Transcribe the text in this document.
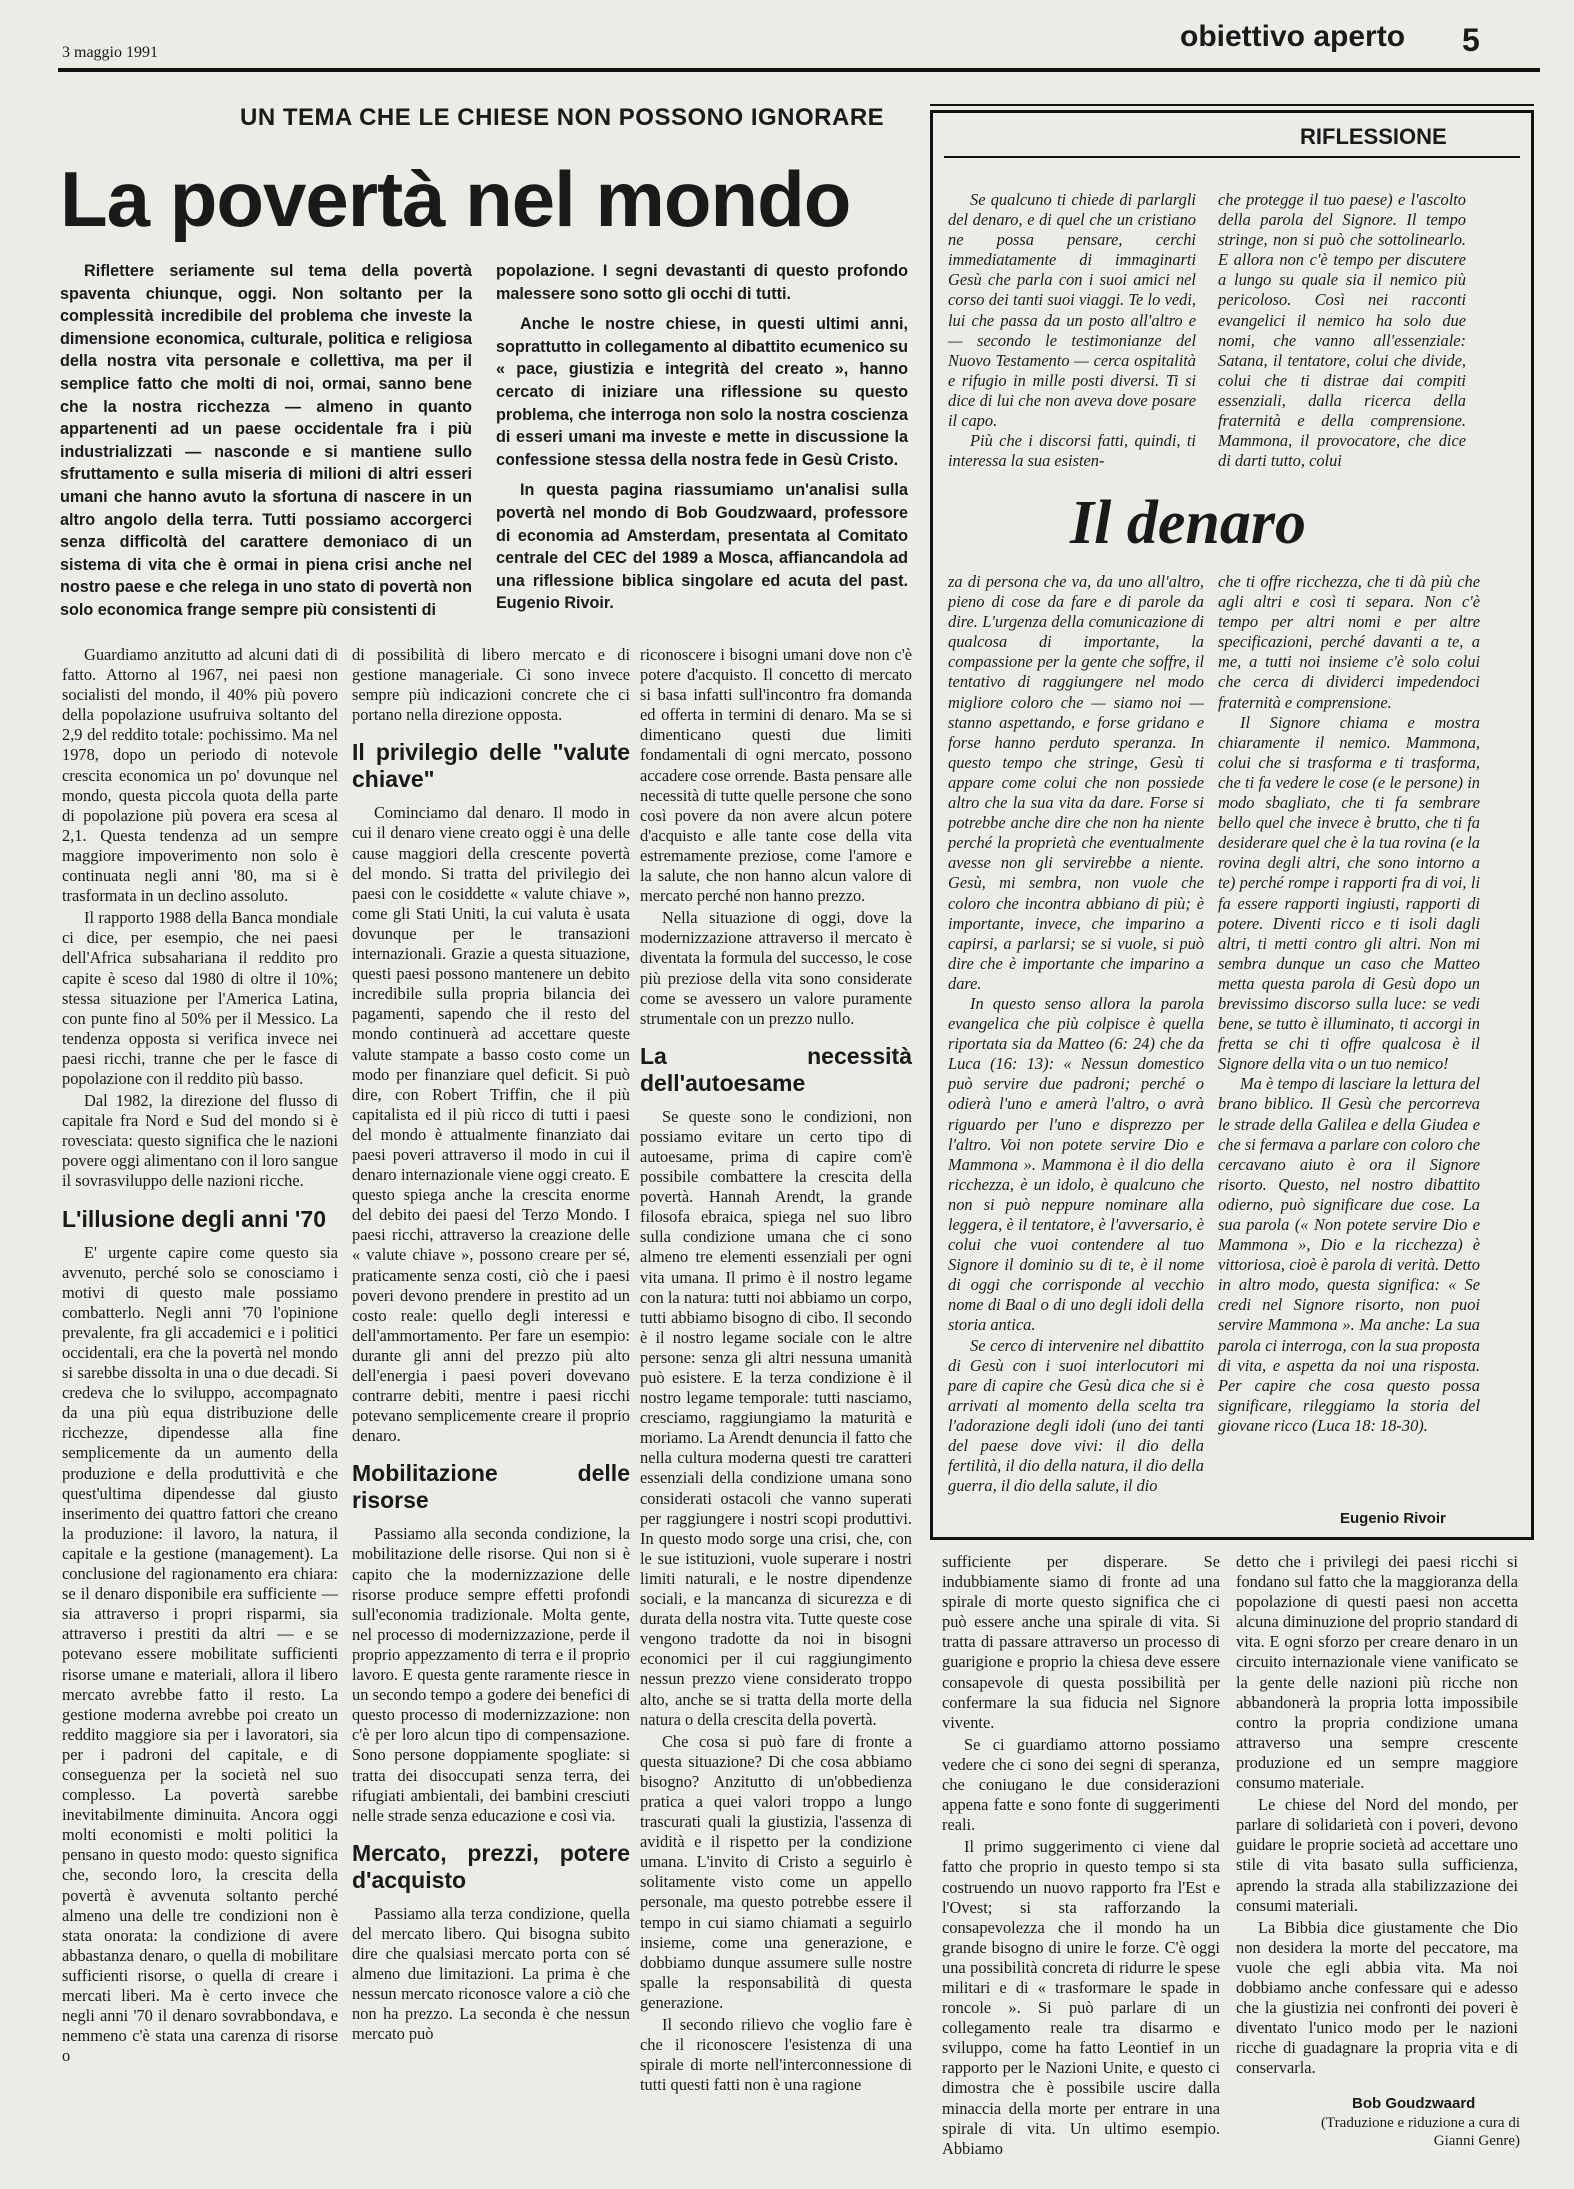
3 maggio 1991	obiettivo aperto 5
UN TEMA CHE LE CHIESE NON POSSONO IGNORARE
La povertà nel mondo

Riflettere seriamente sul tema della povertà spaventa chiunque, oggi. Non soltanto per la complessità incredibile del problema che investe la dimensione economica, culturale, politica e religiosa della nostra vita personale e collettiva, ma per il semplice fatto che molti di noi, ormai, sanno bene che la nostra ricchezza — almeno in quanto appartenenti ad un paese occidentale fra i più industrializzati — nasconde e si mantiene sullo sfruttamento e sulla miseria di milioni di altri esseri umani che hanno avuto la sfortuna di nascere in un altro angolo della terra. Tutti possiamo accorgerci senza difficoltà del carattere demoniaco di un sistema di vita che è ormai in piena crisi anche nel nostro paese e che relega in uno stato di povertà non solo economica frange sempre più consistenti di

popolazione. I segni devastanti di questo profondo malessere sono sotto gli occhi di tutti.

Anche le nostre chiese, in questi ultimi anni, soprattutto in collegamento al dibattito ecumenico su « pace, giustizia e integrità del creato », hanno cercato di iniziare una riflessione su questo problema, che interroga non solo la nostra coscienza di esseri umani ma investe e mette in discussione la confessione stessa della nostra fede in Gesù Cristo.

In questa pagina riassumiamo un'analisi sulla povertà nel mondo di Bob Goudzwaard, professore di economia ad Amsterdam, presentata al Comitato centrale del CEC del 1989 a Mosca, affiancandola ad una riflessione biblica singolare ed acuta del past. Eugenio Rivoir.

Guardiamo anzitutto ad alcuni dati di fatto. Attorno al 1967, nei paesi non socialisti del mondo, il 40% più povero della popolazione usufruiva soltanto del 2,9 del reddito totale: pochissimo. Ma nel 1978, dopo un periodo di notevole crescita economica un po' dovunque nel mondo, questa piccola quota della parte di popolazione più povera era scesa al 2,1. Questa tendenza ad un sempre maggiore impoverimento non solo è continuata negli anni '80, ma si è trasformata in un declino assoluto.

Il rapporto 1988 della Banca mondiale ci dice, per esempio, che nei paesi dell'Africa subsahariana il reddito pro capite è sceso dal 1980 di oltre il 10%; stessa situazione per l'America Latina, con punte fino al 50% per il Messico. La tendenza opposta si verifica invece nei paesi ricchi, tranne che per le fasce di popolazione con il reddito più basso.

Dal 1982, la direzione del flusso di capitale fra Nord e Sud del mondo si è rovesciata: questo significa che le nazioni povere oggi alimentano con il loro sangue il sovrasviluppo delle nazioni ricche.

L'illusione degli anni '70

E' urgente capire come questo sia avvenuto, perché solo se conosciamo i motivi di questo male possiamo combatterlo. Negli anni '70 l'opinione prevalente, fra gli accademici e i politici occidentali, era che la povertà nel mondo si sarebbe dissolta in una o due decadi. Si credeva che lo sviluppo, accompagnato da una più equa distribuzione delle ricchezze, dipendesse alla fine semplicemente da un aumento della produzione e della produttività e che quest'ultima dipendesse dal giusto inserimento dei quattro fattori che creano la produzione: il lavoro, la natura, il capitale e la gestione (management). La conclusione del ragionamento era chiara: se il denaro disponibile era sufficiente — sia attraverso i propri risparmi, sia attraverso i prestiti da altri — e se potevano essere mobilitate sufficienti risorse umane e materiali, allora il libero mercato avrebbe fatto il resto. La gestione moderna avrebbe poi creato un reddito maggiore sia per i lavoratori, sia per i padroni del capitale, e di conseguenza per la società nel suo complesso. La povertà sarebbe inevitabilmente diminuita. Ancora oggi molti economisti e molti politici la pensano in questo modo: questo significa che, secondo loro, la crescita della povertà è avvenuta soltanto perché almeno una delle tre condizioni non è stata onorata: la condizione di avere abbastanza denaro, o quella di mobilitare sufficienti risorse, o quella di creare i mercati liberi. Ma è certo invece che negli anni '70 il denaro sovrabbondava, e nemmeno c'è stata una carenza di risorse o

di possibilità di libero mercato e di gestione manageriale. Ci sono invece sempre più indicazioni concrete che ci portano nella direzione opposta.

Il privilegio delle "valute chiave"

Cominciamo dal denaro. Il modo in cui il denaro viene creato oggi è una delle cause maggiori della crescente povertà del mondo. Si tratta del privilegio dei paesi con le cosiddette « valute chiave », come gli Stati Uniti, la cui valuta è usata dovunque per le transazioni internazionali. Grazie a questa situazione, questi paesi possono mantenere un debito incredibile sulla propria bilancia dei pagamenti, sapendo che il resto del mondo continuerà ad accettare queste valute stampate a basso costo come un modo per finanziare quel deficit. Si può dire, con Robert Triffin, che il più capitalista ed il più ricco di tutti i paesi del mondo è attualmente finanziato dai paesi poveri attraverso il modo in cui il denaro internazionale viene oggi creato. E questo spiega anche la crescita enorme del debito dei paesi del Terzo Mondo. I paesi ricchi, attraverso la creazione delle « valute chiave », possono creare per sé, praticamente senza costi, ciò che i paesi poveri devono prendere in prestito ad un costo reale: quello degli interessi e dell'ammortamento. Per fare un esempio: durante gli anni del prezzo più alto dell'energia i paesi poveri dovevano contrarre debiti, mentre i paesi ricchi potevano semplicemente creare il proprio denaro.

Mobilitazione delle risorse

Passiamo alla seconda condizione, la mobilitazione delle risorse. Qui non si è capito che la modernizzazione delle risorse produce sempre effetti profondi sull'economia tradizionale. Molta gente, nel processo di modernizzazione, perde il proprio appezzamento di terra e il proprio lavoro. E questa gente raramente riesce in un secondo tempo a godere dei benefici di questo processo di modernizzazione: non c'è per loro alcun tipo di compensazione. Sono persone doppiamente spogliate: si tratta dei disoccupati senza terra, dei rifugiati ambientali, dei bambini cresciuti nelle strade senza educazione e così via.

Mercato, prezzi, potere d'acquisto

Passiamo alla terza condizione, quella del mercato libero. Qui bisogna subito dire che qualsiasi mercato porta con sé almeno due limitazioni. La prima è che nessun mercato riconosce valore a ciò che non ha prezzo. La seconda è che nessun mercato può

riconoscere i bisogni umani dove non c'è potere d'acquisto. Il concetto di mercato si basa infatti sull'incontro fra domanda ed offerta in termini di denaro. Ma se si dimenticano questi due limiti fondamentali di ogni mercato, possono accadere cose orrende. Basta pensare alle necessità di tutte quelle persone che sono così povere da non avere alcun potere d'acquisto e alle tante cose della vita estremamente preziose, come l'amore e la salute, che non hanno alcun valore di mercato perché non hanno prezzo.

Nella situazione di oggi, dove la modernizzazione attraverso il mercato è diventata la formula del successo, le cose più preziose della vita sono considerate come se avessero un valore puramente strumentale con un prezzo nullo.

La necessità dell'autoesame

Se queste sono le condizioni, non possiamo evitare un certo tipo di autoesame, prima di capire com'è possibile combattere la crescita della povertà. Hannah Arendt, la grande filosofa ebraica, spiega nel suo libro sulla condizione umana che ci sono almeno tre elementi essenziali per ogni vita umana. Il primo è il nostro legame con la natura: tutti noi abbiamo un corpo, tutti abbiamo bisogno di cibo. Il secondo è il nostro legame sociale con le altre persone: senza gli altri nessuna umanità può esistere. E la terza condizione è il nostro legame temporale: tutti nasciamo, cresciamo, raggiungiamo la maturità e moriamo. La Arendt denuncia il fatto che nella cultura moderna questi tre caratteri essenziali della condizione umana sono considerati ostacoli che vanno superati per raggiungere i nostri scopi produttivi. In questo modo sorge una crisi, che, con le sue istituzioni, vuole superare i nostri limiti naturali, e le nostre dipendenze sociali, e la mancanza di sicurezza e di durata della nostra vita. Tutte queste cose vengono tradotte da noi in bisogni economici per il cui raggiungimento nessun prezzo viene considerato troppo alto, anche se si tratta della morte della natura o della crescita della povertà.

Che cosa si può fare di fronte a questa situazione? Di che cosa abbiamo bisogno? Anzitutto di un'obbedienza pratica a quei valori troppo a lungo trascurati quali la giustizia, l'assenza di avidità e il rispetto per la condizione umana. L'invito di Cristo a seguirlo è solitamente visto come un appello personale, ma questo potrebbe essere il tempo in cui siamo chiamati a seguirlo insieme, come una generazione, e dobbiamo dunque assumere sulle nostre spalle la responsabilità di questa generazione.

Il secondo rilievo che voglio fare è che il riconoscere l'esistenza di una spirale di morte nell'interconnessione di tutti questi fatti non è una ragione

RIFLESSIONE

Se qualcuno ti chiede di parlargli del denaro, e di quel che un cristiano ne possa pensare, cerchi immediatamente di immaginarti Gesù che parla con i suoi amici nel corso dei tanti suoi viaggi. Te lo vedi, lui che passa da un posto all'altro e — secondo le testimonianze del Nuovo Testamento — cerca ospitalità e rifugio in mille posti diversi. Ti si dice di lui che non aveva dove posare il capo.

Più che i discorsi fatti, quindi, ti interessa la sua esisten-

che protegge il tuo paese) e l'ascolto della parola del Signore. Il tempo stringe, non si può che sottolinearlo. E allora non c'è tempo per discutere a lungo su quale sia il nemico più pericoloso. Così nei racconti evangelici il nemico ha solo due nomi, che vanno all'essenziale: Satana, il tentatore, colui che divide, colui che ti distrae dai compiti essenziali, dalla ricerca della fraternità e della comprensione. Mammona, il provocatore, che dice di darti tutto, colui

Il denaro

za di persona che va, da uno all'altro, pieno di cose da fare e di parole da dire. L'urgenza della comunicazione di qualcosa di importante, la compassione per la gente che soffre, il tentativo di raggiungere nel modo migliore coloro che — siamo noi — stanno aspettando, e forse gridano e forse hanno perduto speranza. In questo tempo che stringe, Gesù ti appare come colui che non possiede altro che la sua vita da dare. Forse si potrebbe anche dire che non ha niente perché la proprietà che eventualmente avesse non gli servirebbe a niente. Gesù, mi sembra, non vuole che coloro che incontra abbiano di più; è importante, invece, che imparino a capirsi, a parlarsi; se si vuole, si può dire che è importante che imparino a dare.

In questo senso allora la parola evangelica che più colpisce è quella riportata sia da Matteo (6: 24) che da Luca (16: 13): « Nessun domestico può servire due padroni; perché o odierà l'uno e amerà l'altro, o avrà riguardo per l'uno e disprezzo per l'altro. Voi non potete servire Dio e Mammona ». Mammona è il dio della ricchezza, è un idolo, è qualcuno che non si può neppure nominare alla leggera, è il tentatore, è l'avversario, è colui che vuoi contendere al tuo Signore il dominio su di te, è il nome di oggi che corrisponde al vecchio nome di Baal o di uno degli idoli della storia antica.

Se cerco di intervenire nel dibattito di Gesù con i suoi interlocutori mi pare di capire che Gesù dica che si è arrivati al momento della scelta tra l'adorazione degli idoli (uno dei tanti del paese dove vivi: il dio della fertilità, il dio della natura, il dio della guerra, il dio della salute, il dio

che ti offre ricchezza, che ti dà più che agli altri e così ti separa. Non c'è tempo per altri nomi e per altre specificazioni, perché davanti a te, a me, a tutti noi insieme c'è solo colui che cerca di dividerci impedendoci fraternità e comprensione.

Il Signore chiama e mostra chiaramente il nemico. Mammona, colui che si trasforma e ti trasforma, che ti fa vedere le cose (e le persone) in modo sbagliato, che ti fa sembrare bello quel che invece è brutto, che ti fa desiderare quel che è la tua rovina (e la rovina degli altri, che sono intorno a te) perché rompe i rapporti fra di voi, li fa essere rapporti ingiusti, rapporti di potere. Diventi ricco e ti isoli dagli altri, ti metti contro gli altri. Non mi sembra dunque un caso che Matteo metta questa parola di Gesù dopo un brevissimo discorso sulla luce: se vedi bene, se tutto è illuminato, ti accorgi in fretta se chi ti offre qualcosa è il Signore della vita o un tuo nemico!

Ma è tempo di lasciare la lettura del brano biblico. Il Gesù che percorreva le strade della Galilea e della Giudea e che si fermava a parlare con coloro che cercavano aiuto è ora il Signore risorto. Questo, nel nostro dibattito odierno, può significare due cose. La sua parola (« Non potete servire Dio e Mammona », Dio e la ricchezza) è vittoriosa, cioè è parola di verità. Detto in altro modo, questa significa: « Se credi nel Signore risorto, non puoi servire Mammona ». Ma anche: La sua parola ci interroga, con la sua proposta di vita, e aspetta da noi una risposta. Per capire che cosa questo possa significare, rileggiamo la storia del giovane ricco (Luca 18: 18-30).

Eugenio Rivoir

sufficiente per disperare. Se indubbiamente siamo di fronte ad una spirale di morte questo significa che ci può essere anche una spirale di vita. Si tratta di passare attraverso un processo di guarigione e proprio la chiesa deve essere consapevole di questa possibilità per confermare la sua fiducia nel Signore vivente.

Se ci guardiamo attorno possiamo vedere che ci sono dei segni di speranza, che coniugano le due considerazioni appena fatte e sono fonte di suggerimenti reali.

Il primo suggerimento ci viene dal fatto che proprio in questo tempo si sta costruendo un nuovo rapporto fra l'Est e l'Ovest; si sta rafforzando la consapevolezza che il mondo ha un grande bisogno di unire le forze. C'è oggi una possibilità concreta di ridurre le spese militari e di « trasformare le spade in roncole ». Si può parlare di un collegamento reale tra disarmo e sviluppo, come ha fatto Leontief in un rapporto per le Nazioni Unite, e questo ci dimostra che è possibile uscire dalla minaccia della morte per entrare in una spirale di vita. Un ultimo esempio. Abbiamo

detto che i privilegi dei paesi ricchi si fondano sul fatto che la maggioranza della popolazione di questi paesi non accetta alcuna diminuzione del proprio standard di vita. E ogni sforzo per creare denaro in un circuito internazionale viene vanificato se la gente delle nazioni più ricche non abbandonerà la propria lotta impossibile contro la propria condizione umana attraverso una sempre crescente produzione ed un sempre maggiore consumo materiale.

Le chiese del Nord del mondo, per parlare di solidarietà con i poveri, devono guidare le proprie società ad accettare uno stile di vita basato sulla sufficienza, aprendo la strada alla stabilizzazione dei consumi materiali.

La Bibbia dice giustamente che Dio non desidera la morte del peccatore, ma vuole che egli abbia vita. Ma noi dobbiamo anche confessare qui e adesso che la giustizia nei confronti dei poveri è diventato l'unico modo per le nazioni ricche di guadagnare la propria vita e di conservarla.

Bob Goudzwaard
(Traduzione e riduzione a cura di Gianni Genre)
